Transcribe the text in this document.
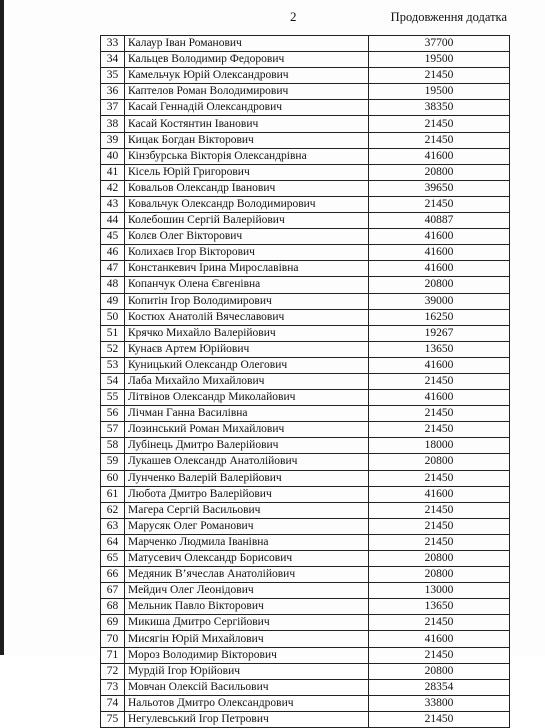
2	Продовження додатка
33	Калаур Іван Романович	37700
34	Кальцев Володимир Федорович	19500
35	Камельчук Юрій Олександрович	21450
36	Каптелов Роман Володимирович	19500
37	Касай Геннадій Олександрович	38350
38	Касай Костянтин Іванович	21450
39	Кицак Богдан Вікторович	21450
40	Кінзбурська Вікторія Олександрівна	41600
41	Кісель Юрій Григорович	20800
42	Ковальов Олександр Іванович	39650
43	Ковальчук Олександр Володимирович	21450
44	Колебошин Сергій Валерійович	40887
45	Колєв Олег Вікторович	41600
46	Колихаєв Ігор Вікторович	41600
47	Констанкевич Ірина Мирославівна	41600
48	Копанчук Олена Євгенівна	20800
49	Копитін Ігор Володимирович	39000
50	Костюх Анатолій Вячеславович	16250
51	Крячко Михайло Валерійович	19267
52	Кунаєв Артем Юрійович	13650
53	Куницький Олександр Олегович	41600
54	Лаба Михайло Михайлович	21450
55	Літвінов Олександр Миколайович	41600
56	Лічман Ганна Василівна	21450
57	Лозинський Роман Михайлович	21450
58	Лубінець Дмитро Валерійович	18000
59	Лукашев Олександр Анатолійович	20800
60	Лунченко Валерій Валерійович	21450
61	Любота Дмитро Валерійович	41600
62	Магера Сергій Васильович	21450
63	Марусяк Олег Романович	21450
64	Марченко Людмила Іванівна	21450
65	Матусевич Олександр Борисович	20800
66	Медяник В’ячеслав Анатолійович	20800
67	Мейдич Олег Леонідович	13000
68	Мельник Павло Вікторович	13650
69	Микиша Дмитро Сергійович	21450
70	Мисягін Юрій Михайлович	41600
71	Мороз Володимир Вікторович	21450
72	Мурдій Ігор Юрійович	20800
73	Мовчан Олексій Васильович	28354
74	Нальотов Дмитро Олександрович	33800
75	Негулевський Ігор Петрович	21450
